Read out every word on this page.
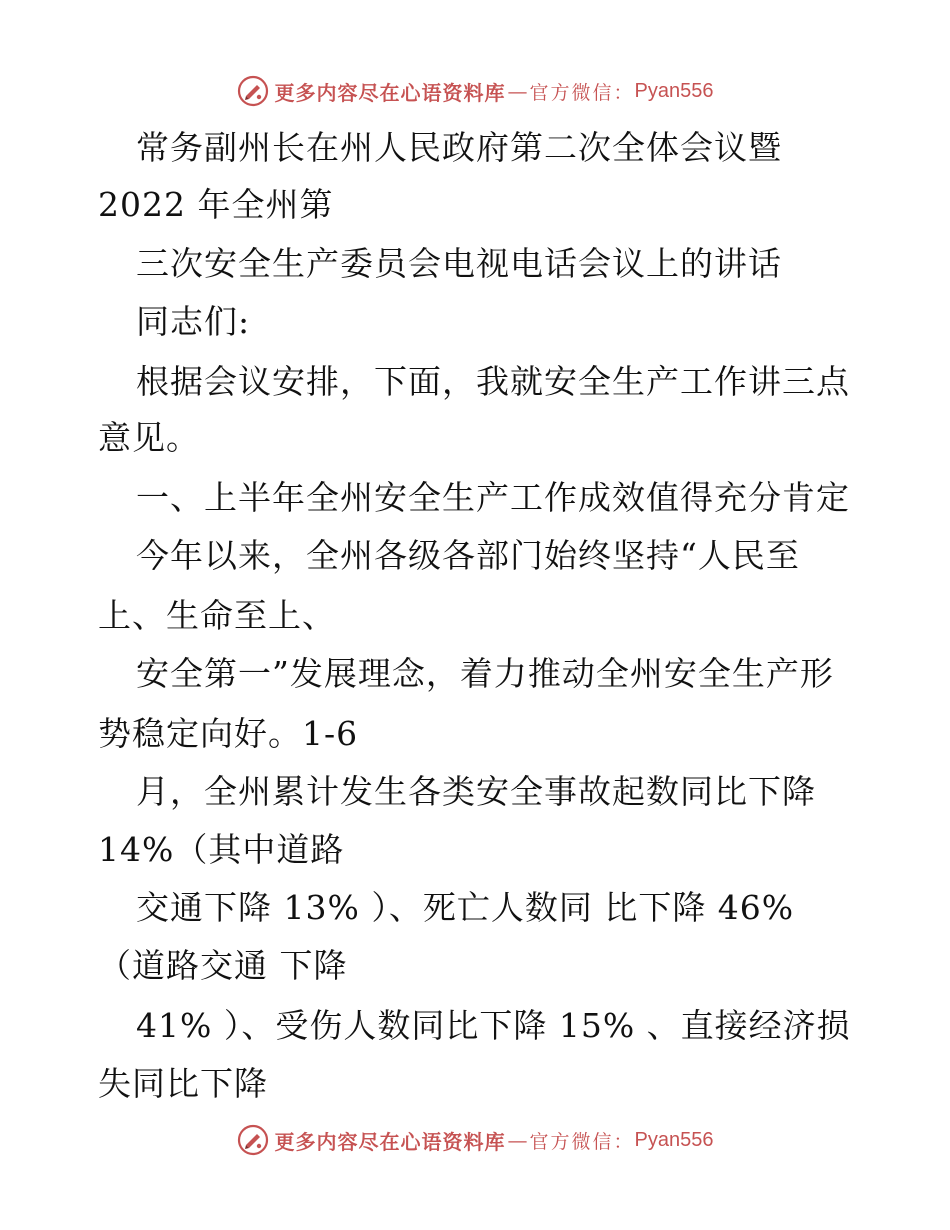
更多内容尽在心语资料库 — 官方微信： Pyan556
常务副州长在州人民政府第二次全体会议暨
2022 年全州第
三次安全生产委员会电视电话会议上的讲话
同志们:
根据会议安排，下面，我就安全生产工作讲三点
意见。
一、上半年全州安全生产工作成效值得充分肯定
今年以来，全州各级各部门始终坚持“人民至
上、生命至上、
安全第一”发展理念，着力推动全州安全生产形
势稳定向好。1-6
月，全州累计发生各类安全事故起数同比下降
14%（其中道路
交通下降 13% ）、死亡人数同 比下降 46%
（道路交通 下降
41% ）、受伤人数同比下降 15% 、直接经济损
失同比下降
更多内容尽在心语资料库 — 官方微信： Pyan556
